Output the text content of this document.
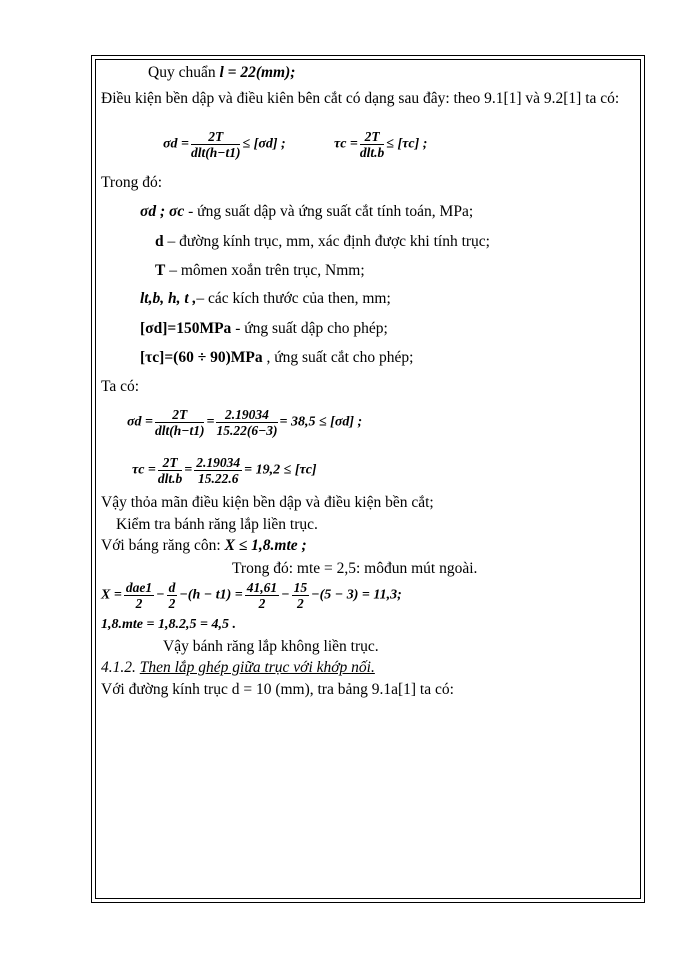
Quy chuẩn l = 22(mm);
Điều kiện bền dập và điều kiên bên cắt có dạng sau đây: theo 9.1[1] và 9.2[1] ta có:
$\sigma d = \frac{2T}{\text{dlt(h−t1)}} \le [\sigma d]$ ;	$\tau c = \frac{2T}{\text{dlt.b}} \le [\tau c]$ ;
Trong đó:
σd ; σc - ứng suất dập và ứng suất cắt tính toán, MPa;
d – đường kính trục, mm, xác định được khi tính trục;
T – mômen xoắn trên trục, Nmm;
lt,b, h, t ,– các kích thước của then, mm;
[σd]=150MPa - ứng suất dập cho phép;
[τc]=(60 ÷ 90)MPa , ứng suất cắt cho phép;
Ta có:
$\sigma d = \frac{2T}{\text{dlt(h−t1)}} = \frac{2.19034}{15.22(6-3)} = 38,5 \le [\sigma d]$ ;
$\tau c = \frac{2T}{\text{dlt.b}} = \frac{2.19034}{15.22.6} = 19,2 \le [\tau c]$
Vậy thỏa mãn điều kiện bền dập và điều kiện bền cắt;
Kiểm tra bánh răng lắp liền trục.
Với báng răng côn: X ≤ 1,8.mte ;
Trong đó: mte = 2,5: môđun mút ngoài.
$X = \frac{\text{dae1}}{2} - \frac{d}{2} -(h - t1) = \frac{41,61}{2} - \frac{15}{2} -(5 - 3) = 11,3$;
1,8.mte = 1,8.2,5 = 4,5 .
Vậy bánh răng lắp không liền trục.
4.1.2. Then lắp ghép giữa trục với khớp nối.
Với đường kính trục d = 10 (mm), tra bảng 9.1a[1] ta có:
